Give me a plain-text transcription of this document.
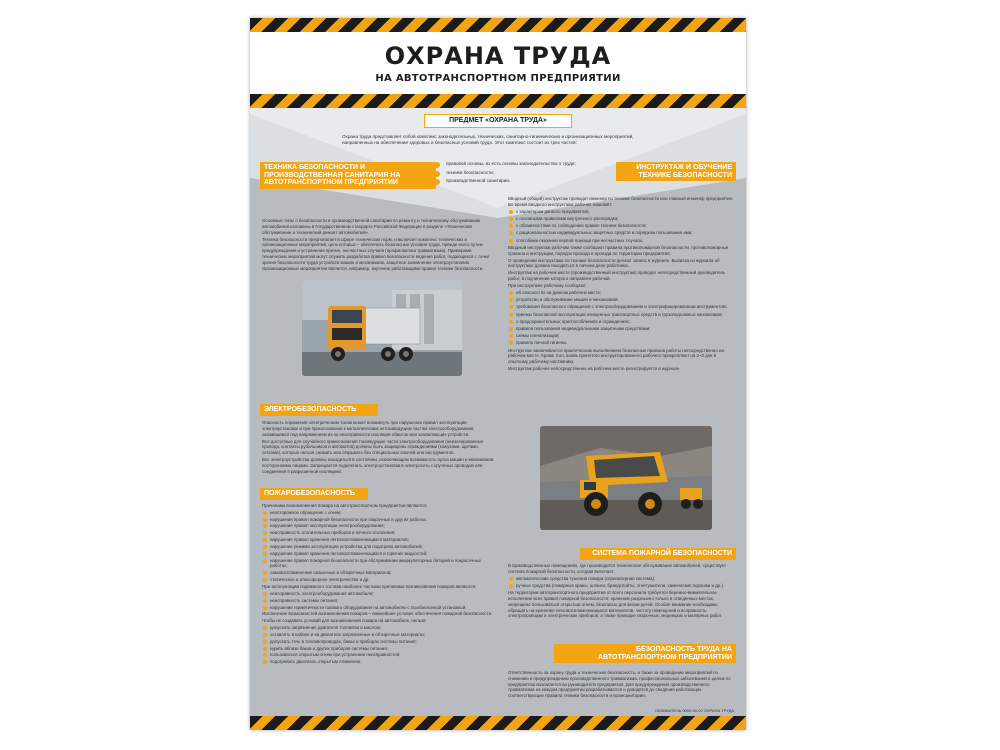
ОХРАНА ТРУДА
НА АВТОТРАНСПОРТНОМ ПРЕДПРИЯТИИ
ПРЕДМЕТ «ОХРАНА ТРУДА»
Охрана труда представляет собой комплекс законодательных, технических, санитарно-гигиенических и организационных мероприятий, направленных на обеспечение здоровых и безопасных условий труда. Этот комплекс состоит из трех частей:
правовой основы, из есть основы законодательства о труде;
техники безопасности;
производственной санитарии.
ТЕХНИКА БЕЗОПАСНОСТИ И ПРОИЗВОДСТВЕННАЯ САНИТАРИЯ НА АВТОТРАНСПОРТНОМ ПРЕДПРИЯТИИ

Основные типы о безопасности и производственной санитарии по ремонту и техническому обслуживанию автомобилей изложены в Государственном стандарте Российской Федерации в разделе «Технические обслуживание и технический ремонт автомобилей».

Техника безопасности предполагает в сфере технических норм, и включает комплекс технических и организационных мероприятий, цель которых – обеспечить безопасные условия труда, прежде всего путем предупреждения и устранения причин, несчастных случаев (профилактика травматизма). Примерами технических мероприятий могут служить разработка правил безопасности ведения работ, подающихся с точки зрения безопасности труда устройств машин и механизмов, защитное заземление электроустановок. Организационные мероприятия является, например, изучение работающими правил техники безопасности.

ЭЛЕКТРОБЕЗОПАСНОСТЬ

Опасность поражения электрическим током может возникнуть при нарушении правил эксплуатации электроустановок и при прикосновении к металлическим нетоковедущим частям электрооборудования, оказавшимся под напряжением из-за неисправности изоляции обмоток или заземляющих устройств.

Все доступные для случайного прикосновения токоведущие части электрооборудования (неизолированные провода, контакты рубильников и автоматов) должны быть защищены ограждениями (кожухами, щитами, сетками), которые нельзя снимать или открывать без специальных ключей или инструментов.

Все электроустройства должны находиться в состоянии, исключающем возможность пуска машин и механизмов посторонними лицами. Запрещается подключать электроустановки в электросеть с кручёных проводов или соединения в разрушенной изоляцией.

ПОЖАРОБЕЗОПАСНОСТЬ

Причинами возникновения пожара на автотранспортном предприятии являются:

неосторожное обращение с огнем;
нарушения правил пожарной безопасности при сварочных и других работах;
нарушение правил эксплуатации электрооборудования;
неисправность отопительных приборов и печного отопления;
нарушение правил хранения легковоспламеняющихся материалов;
нарушение режима эксплуатации устройства для подогрева автомобилей;
нарушение правил хранения легковоспламеняющихся и горючих жидкостей;
нарушение правил пожарной безопасности при обслуживании аккумуляторных батарей и покрасочных работах;
самовоспламенение смазочных и обтирочных материалов;
статическое и атмосферное электричество и др.

При эксплуатации подвижного состава наиболее частыми причинами возникновения пожаров являются:

неисправность электрооборудования автомобиля;
неисправность системы питания;
нарушение герметичности газового оборудования на автомобилях с газобаллонной установкой.

Исключение возможностей возникновения пожаров – важнейшее условие обеспечения пожарной безопасности.

Чтобы не создавать условий для возникновения пожара на автомобиле, нельзя:

допускать загрязнение двигателя топливом и маслом;
оставлять в кабине и на двигателе загрязненные и обтирочные материалы;
допускать течь в топливопроводах, баках и приборах системы питания;
курить вблизи баков и других приборов системы питания;
пользоваться открытым огнем при устранении неисправностей;
подогревать двигатель открытым пламенем.
ИНСТРУКТАЖ И ОБУЧЕНИЕ ТЕХНИКЕ БЕЗОПАСНОСТИ

Вводный (общий) инструктаж проводит инженер по технике безопасности или главный инженер предприятия. Во время вводного инструктажа рабочих знакомят:

с характером данного предприятия;
с основными правилами внутреннего распорядка;
с обязанностями по соблюдению правил техники безопасности;
с рациональностью индивидуальных защитных средств и порядком пользования ими;
способами оказания первой помощи при несчастных случаях.

Вводный инструктаж рабочим также сообщают правила противопожарной безопасности, противопожарные правила и инструкции, порядок прохода и проезда по территории предприятия.

О проведении инструктажа по технике безопасности делают запись в журнале. Выписка из журнала об инструктаже должна находиться в личном деле работника.

Инструктаж на рабочем месте (производственный инструктаж) проводит непосредственный руководитель работ, в подчинении которого направлен рабочий.

При инструктаже рабочему сообщают:

об опасностях на данном рабочем месте;
устройство и обслуживание машин и механизмов;
требования безопасного обращения с электрооборудованием и электрифицированным инструментом;
приемы безопасной эксплуатации очищенных транспортных средств и грузоподъемных механизмов;
о предохранительных приспособлениях и ограждениях;
правила пользования индивидуальными защитными средствами;
схемы сигнализации;
правила личной гигиены.

Инструктаж заканчивается практическим выполнением безопасных приемов работы непосредственно на рабочем месте. Кроме того, вновь принятого инструктированного рабочего прикрепляют на 2–3 дня в опытному рабочему-наставнику.

Инструктаж рабочее непосредственно на рабочем месте регистрируется в журнале.

СИСТЕМА ПОЖАРНОЙ БЕЗОПАСНОСТИ

В производственных помещениях, где производится техническое обслуживание автомобилей, существует система пожарной безопасности, которая включает:

автоматические средства тушения пожара (спринклерная система);
ручные средства (пожарные краны, шланги, брандспойты, огнетушители, химические порошки и др.).

На территории автотранспортного предприятия от всего персонала требуется бережно-внимательное исполнение всех правил пожарной безопасности: хранение разрешено только в отведенных местах, запрещено пользоваться открытым огнем, безопасно для жизни детей. Особое внимание необходимо обращать на хранение легковоспламеняющихся материалов, чистоту помещений и исправность электропроводки и электрических приборов, а также проводке сварочных, медницких и малярных работ.

БЕЗОПАСНОСТЬ ТРУДА НА АВТОТРАНСПОРТНОМ ПРЕДПРИЯТИИ

Ответственность за охрану труда и технических безопасность, а также за проведение мероприятий по снижению и предупреждению производственного травматизма, профессиональных заболеваний в целом по предприятию возлагается на руководителя предприятия. Для предупреждения производственного травматизма на каждом предприятии разрабатываются и доводятся до сведения работающих соответствующие правила техники безопасности и промсанитарии.

ОБЛИКАТЕЛЬ 0000-00-00 ОХРАНА ТРУДА
